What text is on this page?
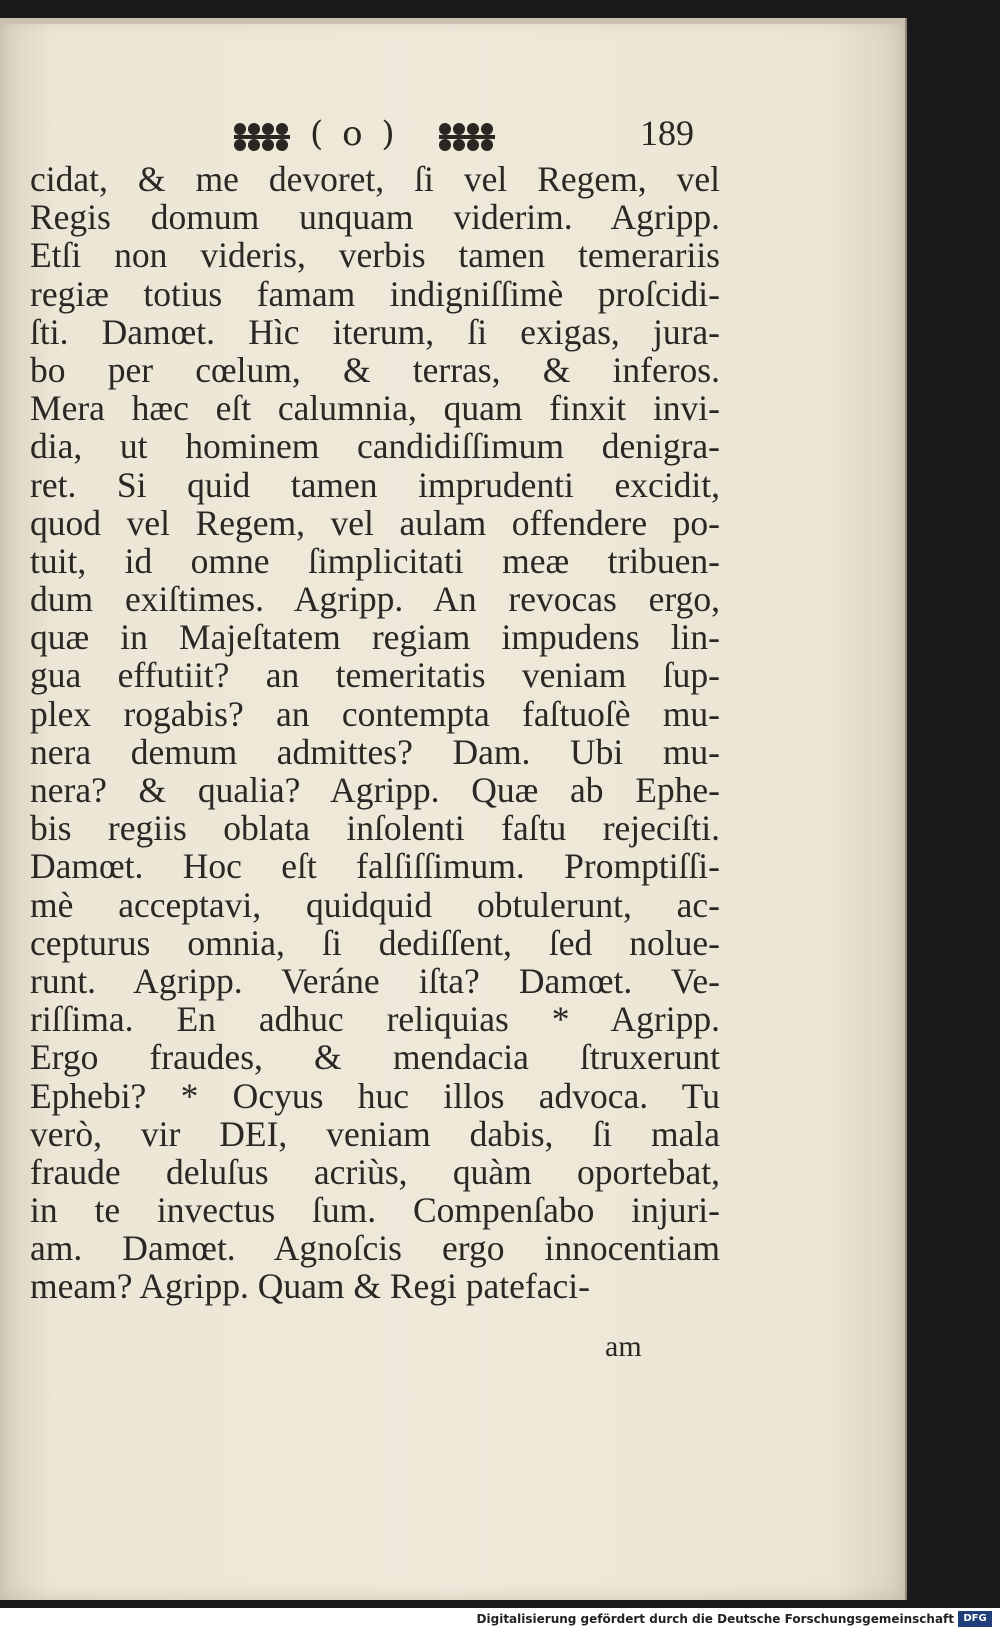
( o )	189
cidat, & me devoret, ſi vel Regem, vel
Regis domum unquam viderim. Agripp.
Etſi non videris, verbis tamen temerariis
regiæ totius famam indigniſſimè proſcidi-
ſti. Damœt. Hìc iterum, ſi exigas, jura-
bo per cœlum, & terras, & inferos.
Mera hæc eſt calumnia, quam finxit invi-
dia, ut hominem candidiſſimum denigra-
ret. Si quid tamen imprudenti excidit,
quod vel Regem, vel aulam offendere po-
tuit, id omne ſimplicitati meæ tribuen-
dum exiſtimes. Agripp. An revocas ergo,
quæ in Majeſtatem regiam impudens lin-
gua effutiit? an temeritatis veniam ſup-
plex rogabis? an contempta faſtuoſè mu-
nera demum admittes? Dam. Ubi mu-
nera? & qualia? Agripp. Quæ ab Ephe-
bis regiis oblata inſolenti faſtu rejeciſti.
Damœt. Hoc eſt falſiſſimum. Promptiſſi-
mè acceptavi, quidquid obtulerunt, ac-
cepturus omnia, ſi dediſſent, ſed nolue-
runt. Agripp. Veráne iſta? Damœt. Ve-
riſſima. En adhuc reliquias * Agripp.
Ergo fraudes, & mendacia ſtruxerunt
Ephebi? * Ocyus huc illos advoca. Tu
verò, vir DEI, veniam dabis, ſi mala
fraude deluſus acriùs, quàm oportebat,
in te invectus ſum. Compenſabo injuri-
am. Damœt. Agnoſcis ergo innocentiam
meam? Agripp. Quam & Regi patefaci-
am
Digitalisierung gefördert durch die Deutsche Forschungsgemeinschaft DFG
